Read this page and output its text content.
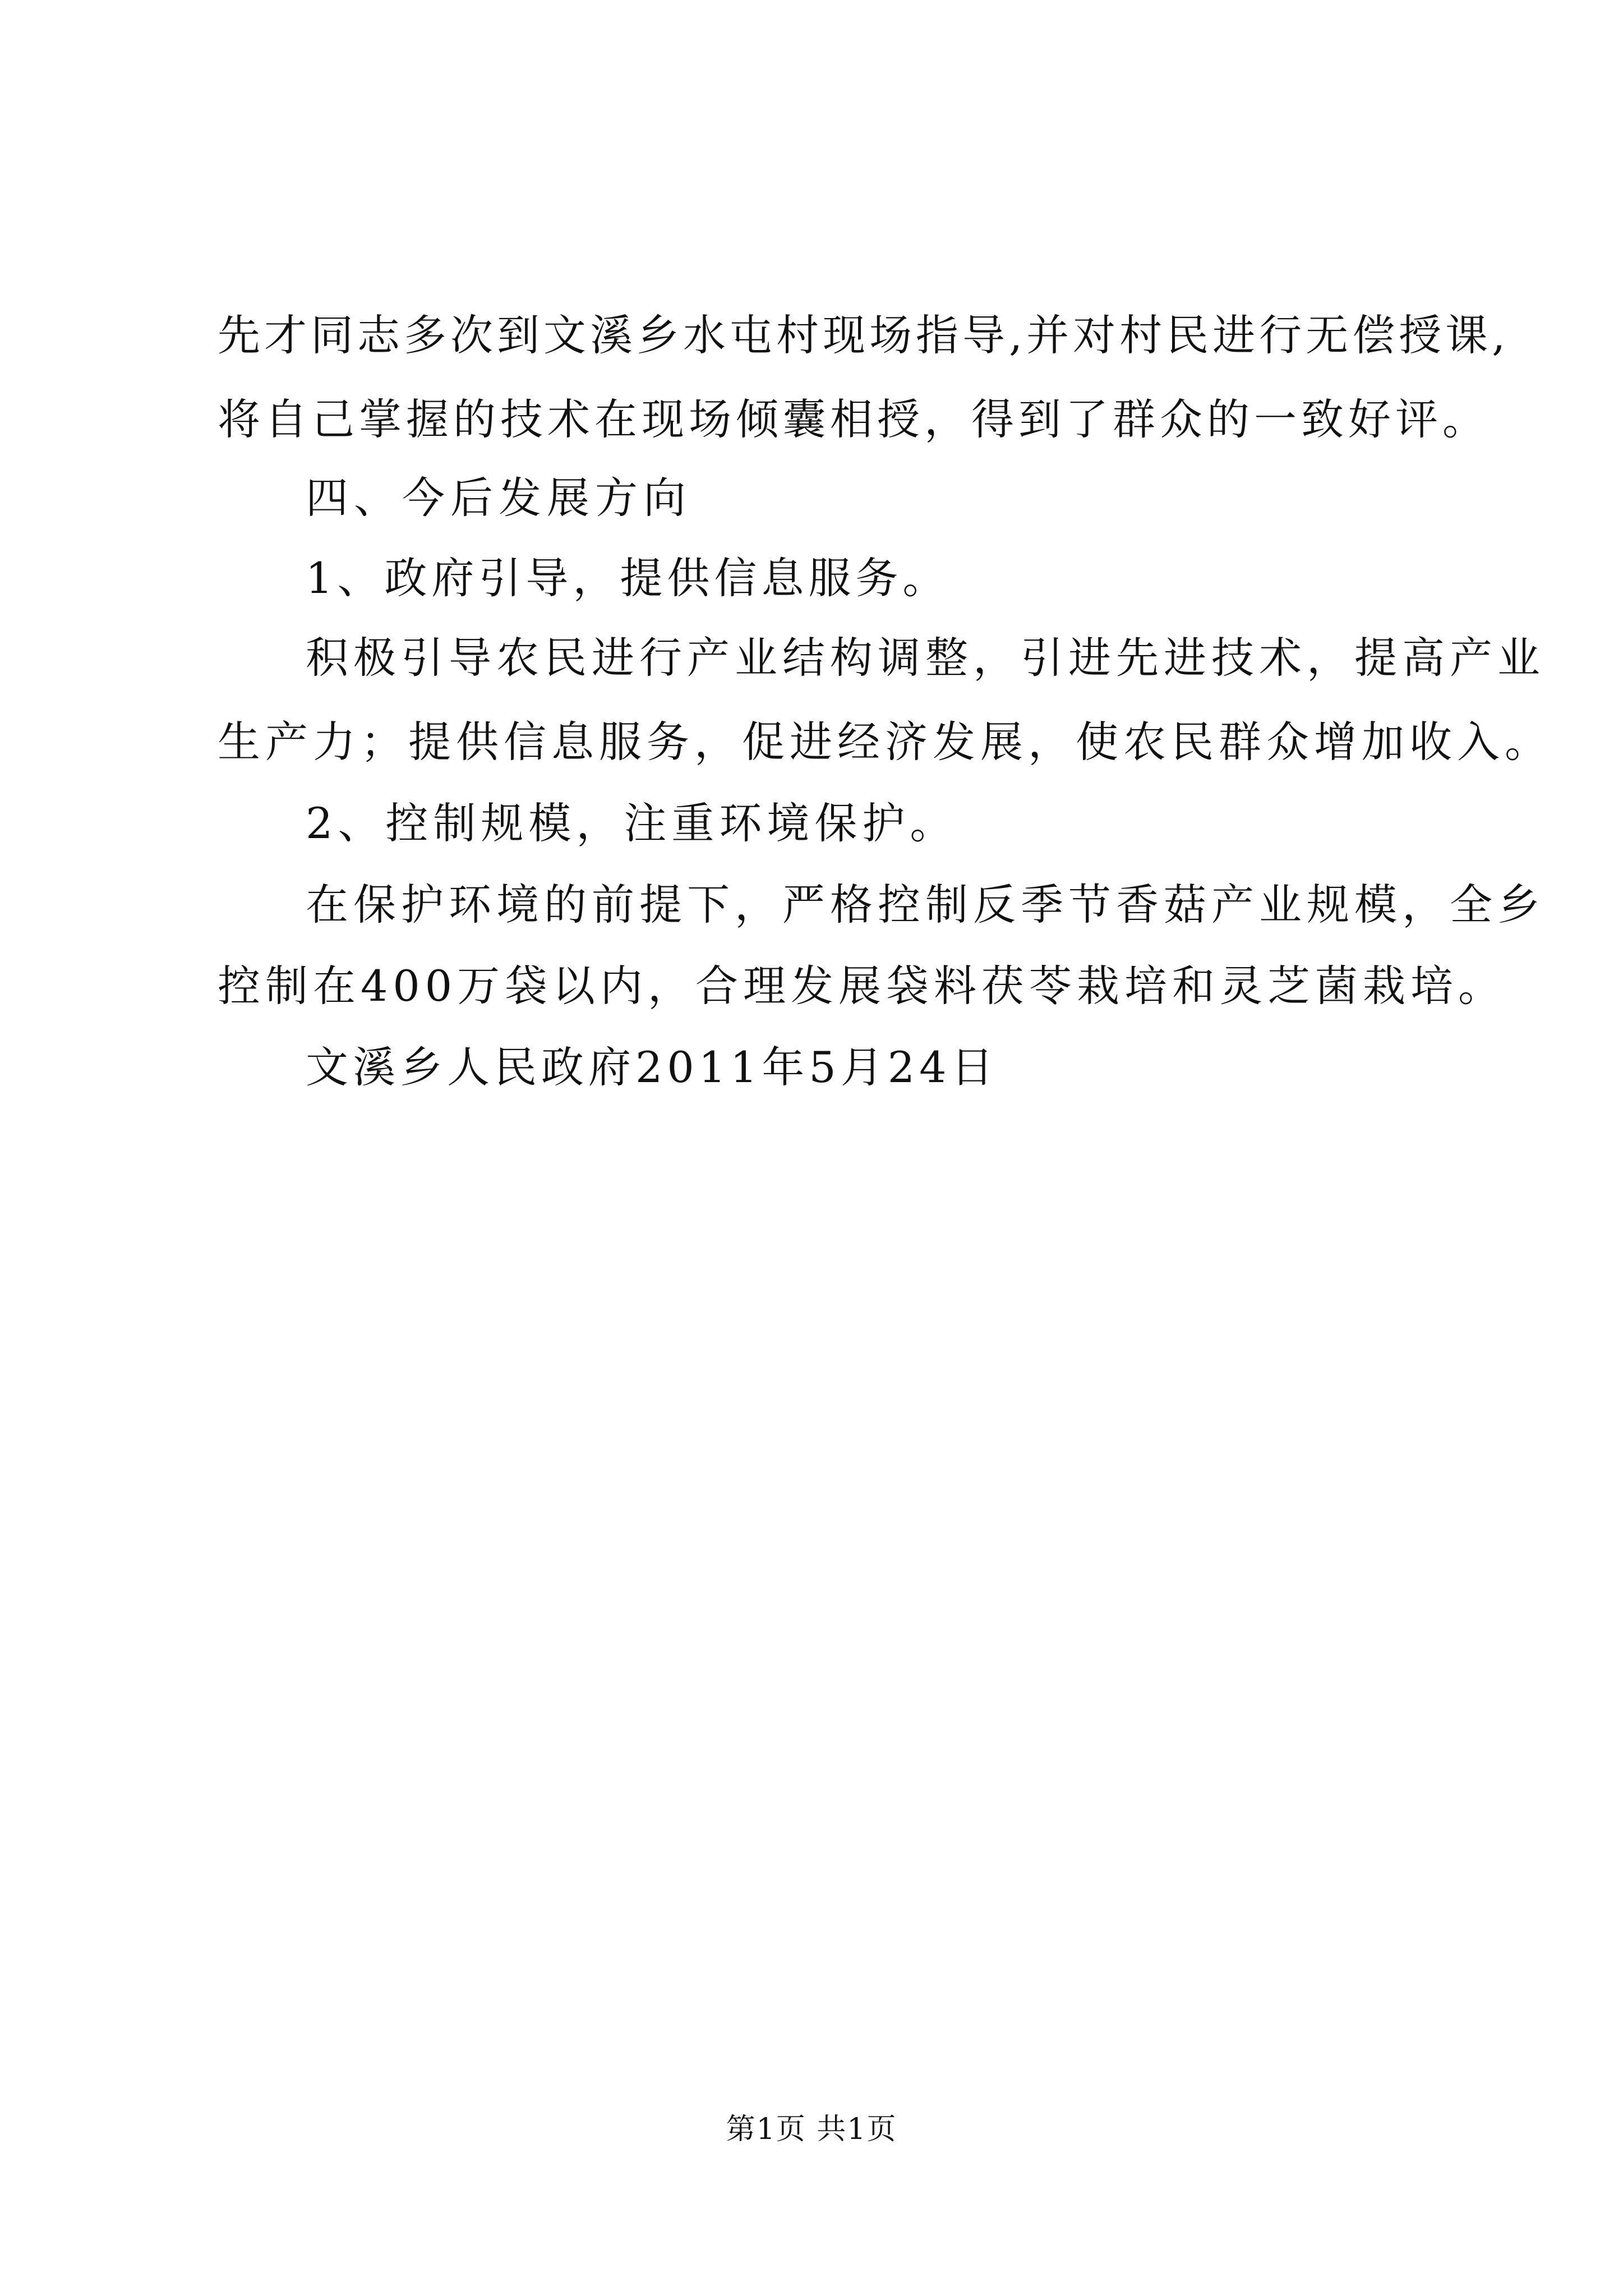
先才同志多次到文溪乡水屯村现场指导,并对村民进行无偿授课,
将自己掌握的技术在现场倾囊相授，得到了群众的一致好评。
四、今后发展方向
1、政府引导，提供信息服务。
积极引导农民进行产业结构调整，引进先进技术，提高产业
生产力；提供信息服务，促进经济发展，使农民群众增加收入。
2、控制规模，注重环境保护。
在保护环境的前提下，严格控制反季节香菇产业规模，全乡
控制在400万袋以内，合理发展袋料茯苓栽培和灵芝菌栽培。
文溪乡人民政府2011年5月24日
第1页 共1页
